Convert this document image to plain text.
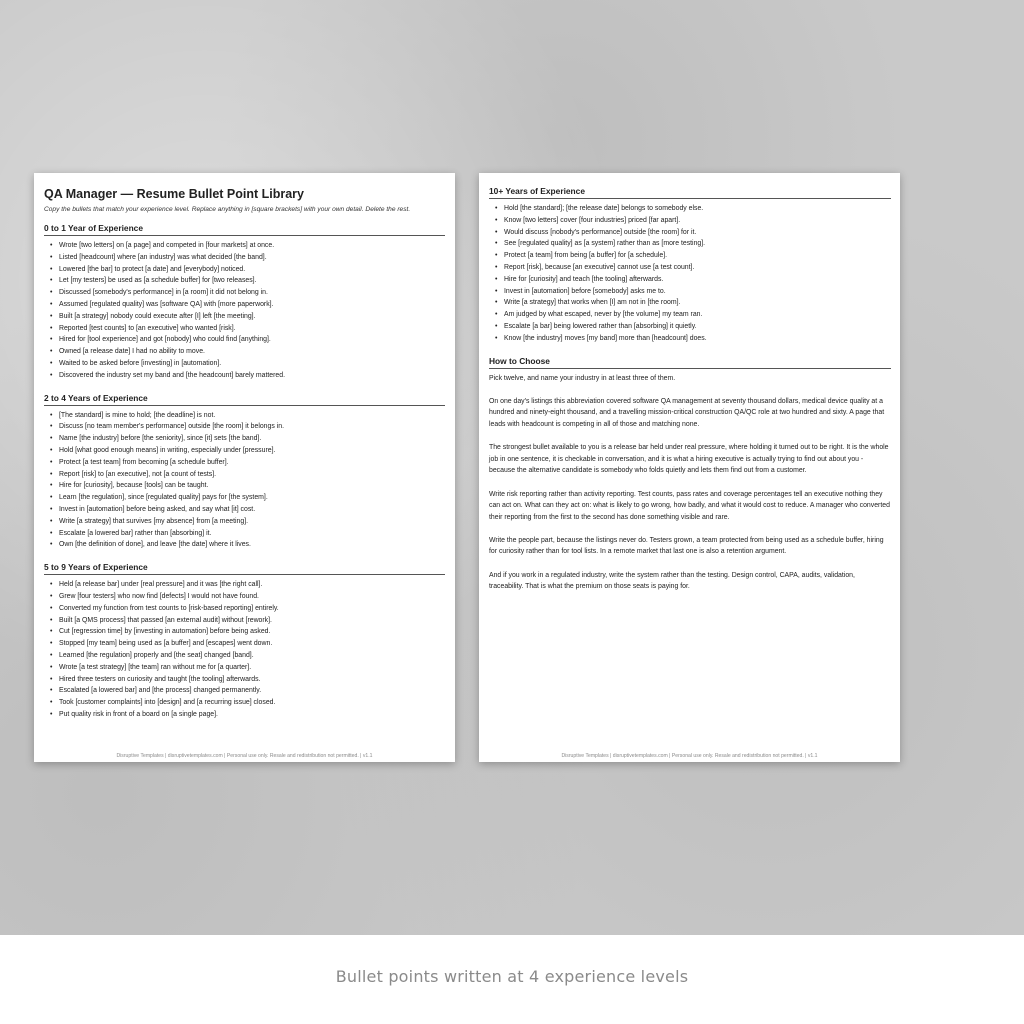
QA Manager — Resume Bullet Point Library
Copy the bullets that match your experience level. Replace anything in [square brackets] with your own detail. Delete the rest.
0 to 1 Year of Experience
• Wrote [two letters] on [a page] and competed in [four markets] at once.
• Listed [headcount] where [an industry] was what decided [the band].
• Lowered [the bar] to protect [a date] and [everybody] noticed.
• Let [my testers] be used as [a schedule buffer] for [two releases].
• Discussed [somebody's performance] in [a room] it did not belong in.
• Assumed [regulated quality] was [software QA] with [more paperwork].
• Built [a strategy] nobody could execute after [I] left [the meeting].
• Reported [test counts] to [an executive] who wanted [risk].
• Hired for [tool experience] and got [nobody] who could find [anything].
• Owned [a release date] I had no ability to move.
• Waited to be asked before [investing] in [automation].
• Discovered the industry set my band and [the headcount] barely mattered.
2 to 4 Years of Experience
• [The standard] is mine to hold; [the deadline] is not.
• Discuss [no team member's performance] outside [the room] it belongs in.
• Name [the industry] before [the seniority], since [it] sets [the band].
• Hold [what good enough means] in writing, especially under [pressure].
• Protect [a test team] from becoming [a schedule buffer].
• Report [risk] to [an executive], not [a count of tests].
• Hire for [curiosity], because [tools] can be taught.
• Learn [the regulation], since [regulated quality] pays for [the system].
• Invest in [automation] before being asked, and say what [it] cost.
• Write [a strategy] that survives [my absence] from [a meeting].
• Escalate [a lowered bar] rather than [absorbing] it.
• Own [the definition of done], and leave [the date] where it lives.
5 to 9 Years of Experience
• Held [a release bar] under [real pressure] and it was [the right call].
• Grew [four testers] who now find [defects] I would not have found.
• Converted my function from test counts to [risk-based reporting] entirely.
• Built [a QMS process] that passed [an external audit] without [rework].
• Cut [regression time] by [investing in automation] before being asked.
• Stopped [my team] being used as [a buffer] and [escapes] went down.
• Learned [the regulation] properly and [the seat] changed [band].
• Wrote [a test strategy] [the team] ran without me for [a quarter].
• Hired three testers on curiosity and taught [the tooling] afterwards.
• Escalated [a lowered bar] and [the process] changed permanently.
• Took [customer complaints] into [design] and [a recurring issue] closed.
• Put quality risk in front of a board on [a single page].
Disruptive Templates | disruptivetemplates.com | Personal use only. Resale and redistribution not permitted. | v1.1
10+ Years of Experience
• Hold [the standard]; [the release date] belongs to somebody else.
• Know [two letters] cover [four industries] priced [far apart].
• Would discuss [nobody's performance] outside [the room] for it.
• See [regulated quality] as [a system] rather than as [more testing].
• Protect [a team] from being [a buffer] for [a schedule].
• Report [risk], because [an executive] cannot use [a test count].
• Hire for [curiosity] and teach [the tooling] afterwards.
• Invest in [automation] before [somebody] asks me to.
• Write [a strategy] that works when [I] am not in [the room].
• Am judged by what escaped, never by [the volume] my team ran.
• Escalate [a bar] being lowered rather than [absorbing] it quietly.
• Know [the industry] moves [my band] more than [headcount] does.
How to Choose

Pick twelve, and name your industry in at least three of them.

On one day's listings this abbreviation covered software QA management at seventy thousand dollars, medical device quality at a hundred and ninety-eight thousand, and a travelling mission-critical construction QA/QC role at two hundred and sixty. A page that leads with headcount is competing in all of those and matching none.

The strongest bullet available to you is a release bar held under real pressure, where holding it turned out to be right. It is the whole job in one sentence, it is checkable in conversation, and it is what a hiring executive is actually trying to find out about you - because the alternative candidate is somebody who folds quietly and lets them find out from a customer.

Write risk reporting rather than activity reporting. Test counts, pass rates and coverage percentages tell an executive nothing they can act on. What can they act on: what is likely to go wrong, how badly, and what it would cost to reduce. A manager who converted their reporting from the first to the second has done something visible and rare.

Write the people part, because the listings never do. Testers grown, a team protected from being used as a schedule buffer, hiring for curiosity rather than for tool lists. In a remote market that last one is also a retention argument.

And if you work in a regulated industry, write the system rather than the testing. Design control, CAPA, audits, validation, traceability. That is what the premium on those seats is paying for.

Disruptive Templates | disruptivetemplates.com | Personal use only. Resale and redistribution not permitted. | v1.1
Bullet points written at 4 experience levels
